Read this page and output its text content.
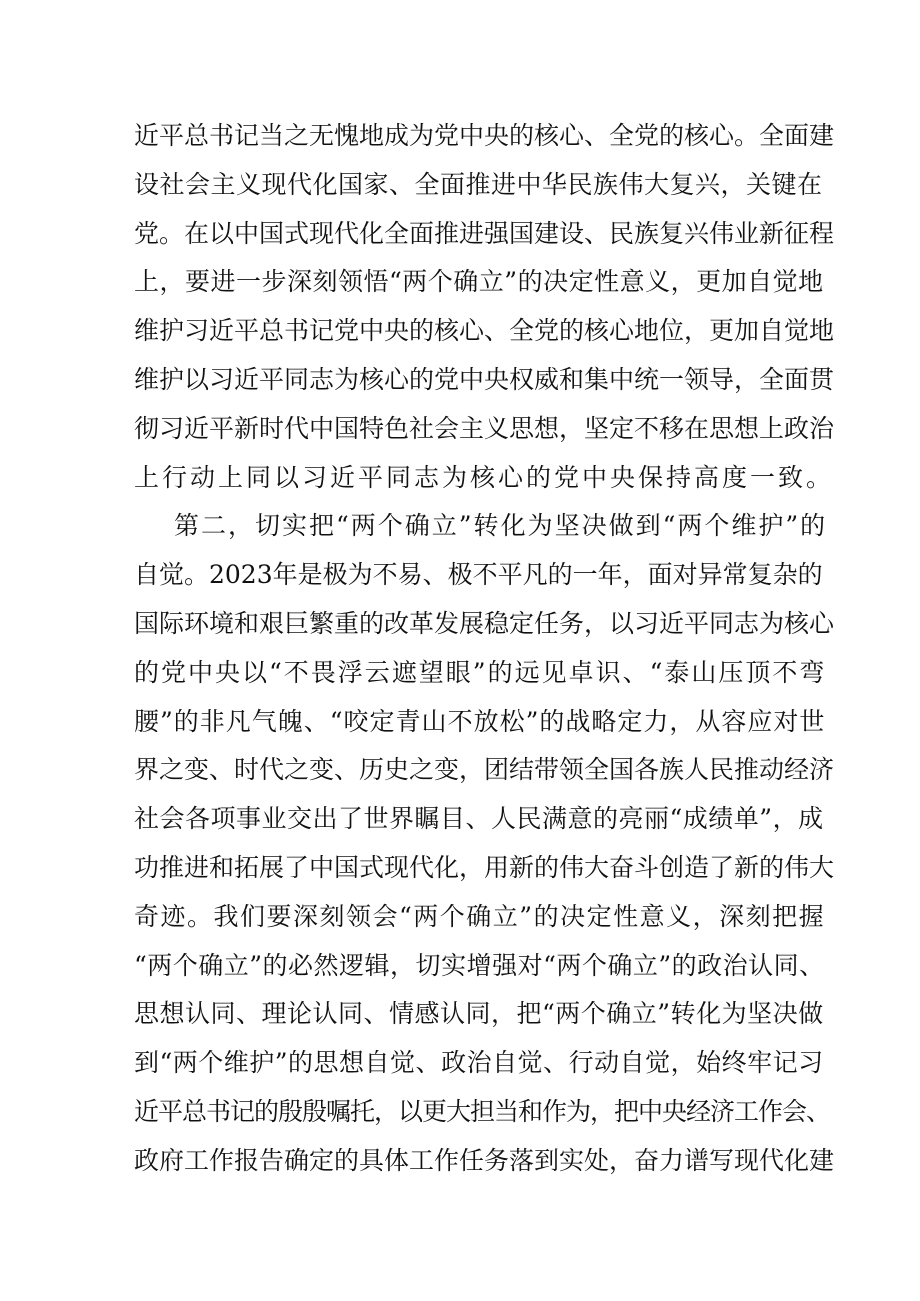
近平总书记当之无愧地成为党中央的核心、全党的核心。全面建
设社会主义现代化国家、全面推进中华民族伟大复兴，关键在
党。在以中国式现代化全面推进强国建设、民族复兴伟业新征程
上，要进一步深刻领悟“两个确立”的决定性意义，更加自觉地
维护习近平总书记党中央的核心、全党的核心地位，更加自觉地
维护以习近平同志为核心的党中央权威和集中统一领导，全面贯
彻习近平新时代中国特色社会主义思想，坚定不移在思想上政治
上行动上同以习近平同志为核心的党中央保持高度一致。
第二，切实把“两个确立”转化为坚决做到“两个维护”的
自觉。2023年是极为不易、极不平凡的一年，面对异常复杂的
国际环境和艰巨繁重的改革发展稳定任务，以习近平同志为核心
的党中央以“不畏浮云遮望眼”的远见卓识、“泰山压顶不弯
腰”的非凡气魄、“咬定青山不放松”的战略定力，从容应对世
界之变、时代之变、历史之变，团结带领全国各族人民推动经济
社会各项事业交出了世界瞩目、人民满意的亮丽“成绩单”，成
功推进和拓展了中国式现代化，用新的伟大奋斗创造了新的伟大
奇迹。我们要深刻领会“两个确立”的决定性意义，深刻把握
“两个确立”的必然逻辑，切实增强对“两个确立”的政治认同、
思想认同、理论认同、情感认同，把“两个确立”转化为坚决做
到“两个维护”的思想自觉、政治自觉、行动自觉，始终牢记习
近平总书记的殷殷嘱托，以更大担当和作为，把中央经济工作会、
政府工作报告确定的具体工作任务落到实处，奋力谱写现代化建
